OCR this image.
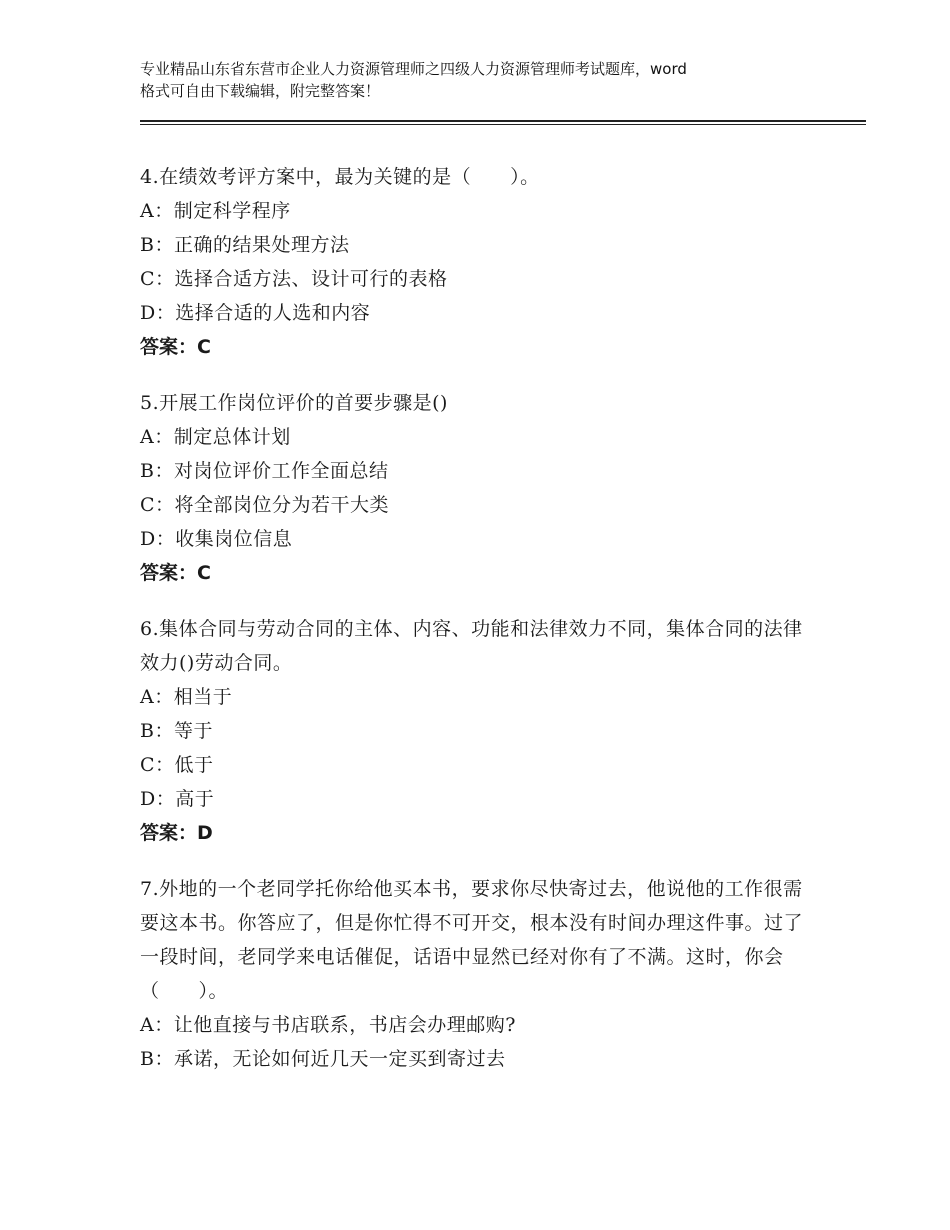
专业精品山东省东营市企业人力资源管理师之四级人力资源管理师考试题库，word
格式可自由下载编辑，附完整答案！

4.在绩效考评方案中，最为关键的是（　　）。

A：制定科学程序

B：正确的结果处理方法

C：选择合适方法、设计可行的表格

D：选择合适的人选和内容

答案：C

5.开展工作岗位评价的首要步骤是()

A：制定总体计划

B：对岗位评价工作全面总结

C：将全部岗位分为若干大类

D：收集岗位信息

答案：C

6.集体合同与劳动合同的主体、内容、功能和法律效力不同，集体合同的法律效力()劳动合同。

A：相当于

B：等于

C：低于

D：高于

答案：D

7.外地的一个老同学托你给他买本书，要求你尽快寄过去，他说他的工作很需要这本书。你答应了，但是你忙得不可开交，根本没有时间办理这件事。过了一段时间，老同学来电话催促，话语中显然已经对你有了不满。这时，你会（　　）。

A：让他直接与书店联系，书店会办理邮购?

B：承诺，无论如何近几天一定买到寄过去
